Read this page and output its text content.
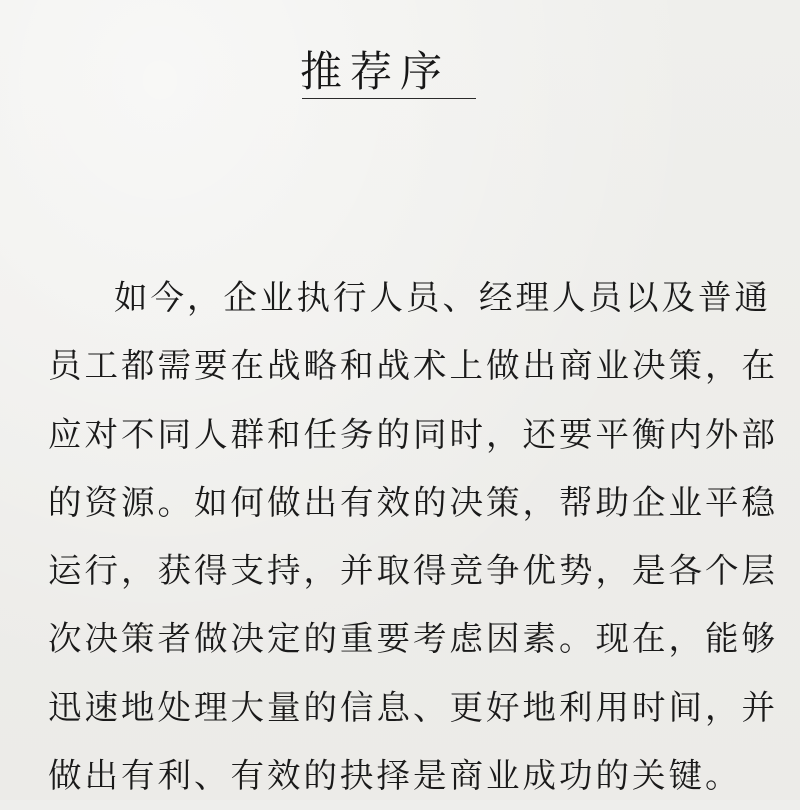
推荐序
如今，企业执行人员、经理人员以及普通
员工都需要在战略和战术上做出商业决策，在
应对不同人群和任务的同时，还要平衡内外部
的资源。如何做出有效的决策，帮助企业平稳
运行，获得支持，并取得竞争优势，是各个层
次决策者做决定的重要考虑因素。现在，能够
迅速地处理大量的信息、更好地利用时间，并
做出有利、有效的抉择是商业成功的关键。
